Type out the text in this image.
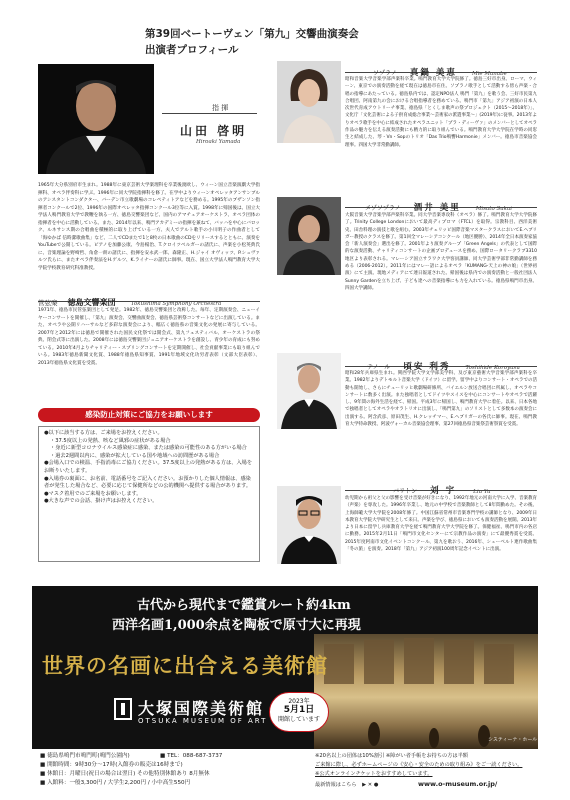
第39回ベートーヴェン「第九」交響曲演奏会
出演者プロフィール
指 揮
山田 啓明
Hiroaki Yamada
1965年大分県別府市生まれ。1988年に東京芸術大学楽理科を卒業後渡欧し、ウィーン国立音楽演劇大学指揮科、オペラ伴奏科に学ぶ。1996年に同大学院指揮科を修了。在学中よりウィーンオペレッタアンサンブルのアシスタントコンダクター、バーデン市立歌劇場のコレペティトアなどを務める。1995年のブザンソン指揮者コンクールで2位、1996年の国際オペレッタ指揮コンクール3位等に入賞。1998年に帰国後は、国立大学法人鳴門教育大学で教鞭を執る一方、徳島交響楽団など、国内のアマチュアオーケストラ、オペラ団体の指揮者を中心に活動している。また、2014年以来、鳴門アカデミーの指揮を兼ねて、バッハを中心にバロック、ルネサンス期の合唱曲を積極的に取り上げている一方、夫人でアルト歌手の小川明子の作曲者として「海ゆかば 信時潔歌曲集」など、二人でCDまたで1と8枚の日本歌曲のCDをリリースするとともに、演奏をYouTubeで公開している。ピアノを加藤公康、今島楊治、T.クロイツベルガーの諸氏に、声楽を小松英典氏に、音楽理論を野崎哲、角倉一朗の諸氏に、指揮を安永武一郎、森隆正、H.ジャイ オヴィッツ、P.シュヴァルツ氏らに、またオペラ伴奏法をH.ゲルツ、K.ライナーの諸氏に師事。現在、国立大学法人鳴門教育大学大学院学校教育研究科准教授。
管弦楽 徳島交響楽団	Tokushima Symphony Orchestra
1971年、徳島市民管弦楽団として発足。1982年、徳島交響楽団と改称した。毎年、定期演奏会、ニューイヤーコンサートを開催し、「第九」演奏会、交響曲演奏会、徳島県芸術祭コンサートなどに出演している。また、オペラや公開リハーサルなど多彩な演奏会により、幅広く徳島県の音楽文化の発展に寄与している。2007年と2012年には徳島で開催された国民文化祭では開会式、第九フェスティバル、オーケストラの祭典、閉会式等に出演した。2008年には徳島交響楽団ジュニアオーケストラを創設し、青少年の育成にも努めている。2010年4月よりチャリティー・スプリングコンサートを定期開催し、社会貢献事業にも取り組んでいる。1983年徳島新聞文化賞、1988年徳島県知事賞、1991年地域文化功労者表彰（文部大臣表彰）、2013年徳島県文化賞を受賞。
感染防止対策にご協力をお願いします
●以下に該当する方は、ご来場をお控えください。
・37.5度以上の発熱、咳など風邪の症状がある場合
・身近に新型コロナウイルス感染症に感染、または感染の可能性のある方がいる場合
・過去2週間以内に、感染が拡大している国や地域への訪問歴がある場合
●会場入口での検温、手指消毒にご協力ください。37.5度以上の発熱がある方は、入場をお断りいたします。
●入場券の裏面に、お名前、電話番号をご記入ください。お預かりした個人情報は、感染者が発生した場合など、必要に応じて保健所などの公的機関へ提供する場合があります。
●マスク着用でのご来場をお願いします。
●大きな声での会話、掛け声はお控えください。
ソプラノ 真鍋 美恵	Mie Manabe
昭和音楽大学音楽学部声楽科卒業。鳴門教育大学大学院修了。徳島三好市出身。ローマ、ウィーン、東京での演奏活動を経て現在は徳島市在住。ソプラノ歌手として活動する傍ら声楽・合唱の指導にあたっている。徳島県内では、認定NPO法人 鳴門「第九」を歌う会、三好市民第九合唱団、阿南第九の会における合唱指導者を務めている。鳴門市「第九」アジア初演の日本人次世代育成アウトリーチ事業、徳島県「とくしま歌声の祭プロジェクト（2015～2018年）」、文化庁「文化芸術による子供育成総合事業～芸術家の派遣事業～」(2019年)に従事。2013年よりオペラ歌手を中心に結成されたオペラユニット「プラ・ディーヴァ」のメンバーとしてオペラ作品の魅力を伝える演奏活動にも精力的に取り組んでいる。鳴門教育大学大学院在学時の同窓生と結成した、琴・Vn・Sopのトリオ「Das Trio鳴響Harmonie」メンバー。徳島市音楽協会理事。四国大学非常勤講師。
メゾソプラノ 酒井 美里	Misato Sakai
大阪音楽大学音楽学部声楽科卒業。同大学音楽専攻科（オペラ）修了。鳴門教育大学大学院修了。Trinity College Londonにおいて最高ディプロマ（FTCL）を取得。宗教科目、西洋美術史、田舎料理の演技と歌を組む。2003年チェリッピ国際音楽マスタークラスにおいてE.ヘブリガー教授のクラスを修了。第1回全マレーシアコンクール（地区優勝）、2014年全日本演奏家協会「新人演奏会」選出を修了。2001年より演奏グループ「Green Angels」の代表として国際的な演奏活動、チャリティコンサートの企画プロデュースを務め、国際ロータリークラブ3310地区より表彰される。マレーシア国立サラワク大学客員講師、同大学芸術学部非常勤講師を務める（2006-2012）。2011年にはマレー語によるオペラ「KUMANG-天上の神の娘」（世界初演）にて主演。現地メディアにて連日報道された。帰国後は県内での演奏活動と一般社団法人Sunny Gardenを立ち上げ、子ども達への音楽指導にも力を入れている。徳島県鳴門市出身。四国大学講師。
テノール 頃安 利秀	Toshihide Koroyasu
昭和28年兵庫県生まれ。関西学院大学文学部美学科、及び東京藝術大学音楽学部声楽科を卒業。1982年よりデトモルト音楽大学（ドイツ）に留学。留学中よりコンサート・オペラでの活動も開始し、さらにチューリッヒ歌劇場研修所、バイエルン放送合唱団に所属し、オペラやコンサートに数多く出演。また独唱者としてドイツやスイスを中心にコンサートやオペラで活躍し、9年間の海外生活を経て、帰国。平成3年に帰国し、鳴門教育大学に着任。以来、日本各地で独唱者としてオペラやオラトリオに出演し、「鳴門第九」のソリストとして多数本の演奏会に出演する。阿含武彦、原田茂生、H.クレッチマー、E.ヘブリガーの各氏に師事。現在、鳴門教育大学特命教授、阿波ヴォーカル音楽協会理事、第27回徳島県音楽祭芸術祭賞を受賞。
バリトン 刘 宇	Liu Yu
幼児期から祖父と父の影響を受け音楽が好きになり、1992年地元の河南大学に入学、音楽教育（声楽）を専攻した。1996年卒業し、地元の中学校で音楽教師として8年間勤めた。その後、上海師範大学大学院を2008年修了。中国江蘇省常州市音楽専門学校の講師となり、2009年日本教育大学院大学研究生として来日。声楽を学び、徳島県においても演奏活動を展開。2013年より日本に留学し兵庫教育大学を経て鳴門教育大学大学院を修了。保健福祉、鳴門市内の各店に勤務。2015年2月11日「鳴門市文化センターにて宗教作品の演奏」にて最優秀賞を受賞。2015年度阿南市文化イベントコンクール、第九を歌おう、2016年、シューベルト連作歌曲集「冬の旅」を演奏。2018年「第九」アジア初演100周年記念イベントに出演。
古代から現代まで鑑賞ルート約4km
西洋名画1,000余点を陶板で原寸大に再現
世界の名画に出合える美術館
大塚国際美術館
OTSUKA MUSEUM OF ART
2023年
5月1日
開館しています
システィーナ・ホール
■ 徳島県鳴門市鳴門町(鳴門公園内)	■ TEL：088-687-3737
■ 開館時間：9時30分～17時(入館券の販売は16時まで)
■ 休館日：月曜日(祝日の場合は翌日) その他特別休館あり 8月無休
■ 入館料：一般3,300円 / 大学生2,200円 / 小中高生550円
※20名以上の団体は10%割引 ※障がい者手帳をお持ちの方は半額
ご来館に際し、必ずホームページの《安心・安全のための取り組み》をご一読ください。
※公式オンラインチケットをおすすめしています。
最新情報はこちら ▶ ✕ ●	www.o-museum.or.jp/
